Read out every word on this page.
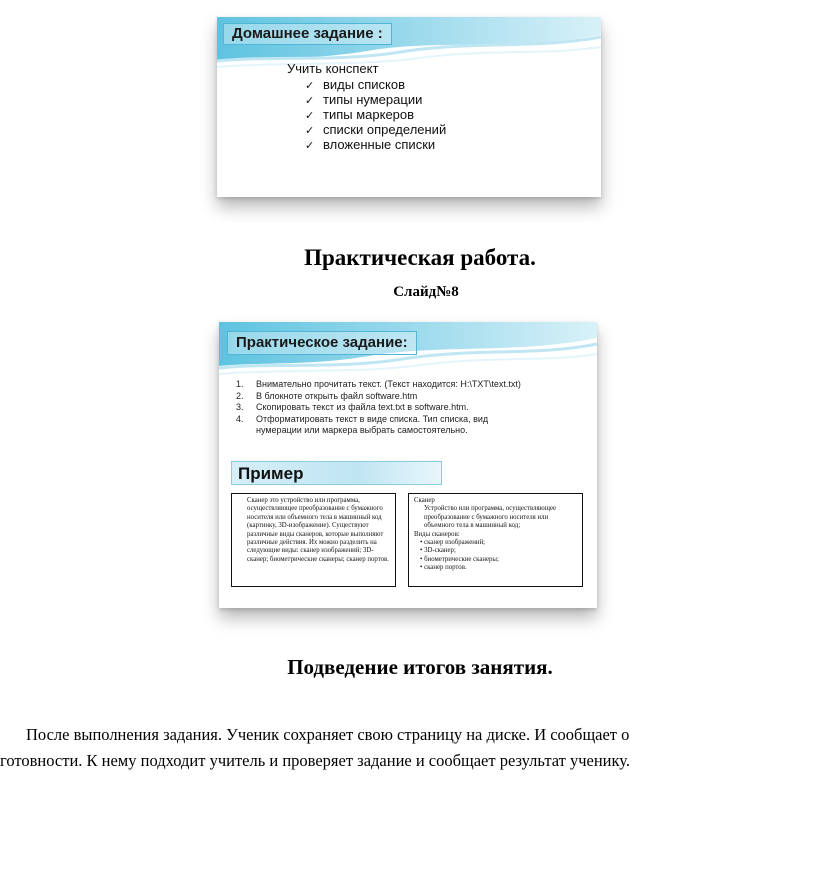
Домашнее задание :
Учить конспект
✓ виды списков
✓ типы нумерации
✓ типы маркеров
✓ списки определений
✓ вложенные списки
Практическая работа.
Слайд№8
Практическое задание:
1.	Внимательно прочитать текст. (Текст находится: H:\TXT\text.txt)
2.	В блокноте открыть файл software.htm
3.	Скопировать текст из файла text.txt в software.htm.
4.	Отформатировать текст в виде списка. Тип списка, вид нумерации или маркера выбрать самостоятельно.
Пример
Сканер это устройство или программа, осуществляющее преобразование с бумажного носителя или объемного тела в машинный код (картинку, 3D-изображение). Существуют различные виды сканеров, которые выполняют различные действия. Их можно разделить на следующие виды: сканер изображений; 3D-сканер; биометрические сканеры; сканер портов.
Сканер
Устройство или программа, осуществляющее преобразование с бумажного носителя или объемного тела в машинный код;
Виды сканеров:
• сканер изображений;
• 3D-сканер;
• биометрические сканеры;
• сканер портов.
Подведение итогов занятия.
После выполнения задания. Ученик сохраняет свою страницу на диске. И сообщает о
готовности. К нему подходит учитель и проверяет задание и сообщает результат ученику.
